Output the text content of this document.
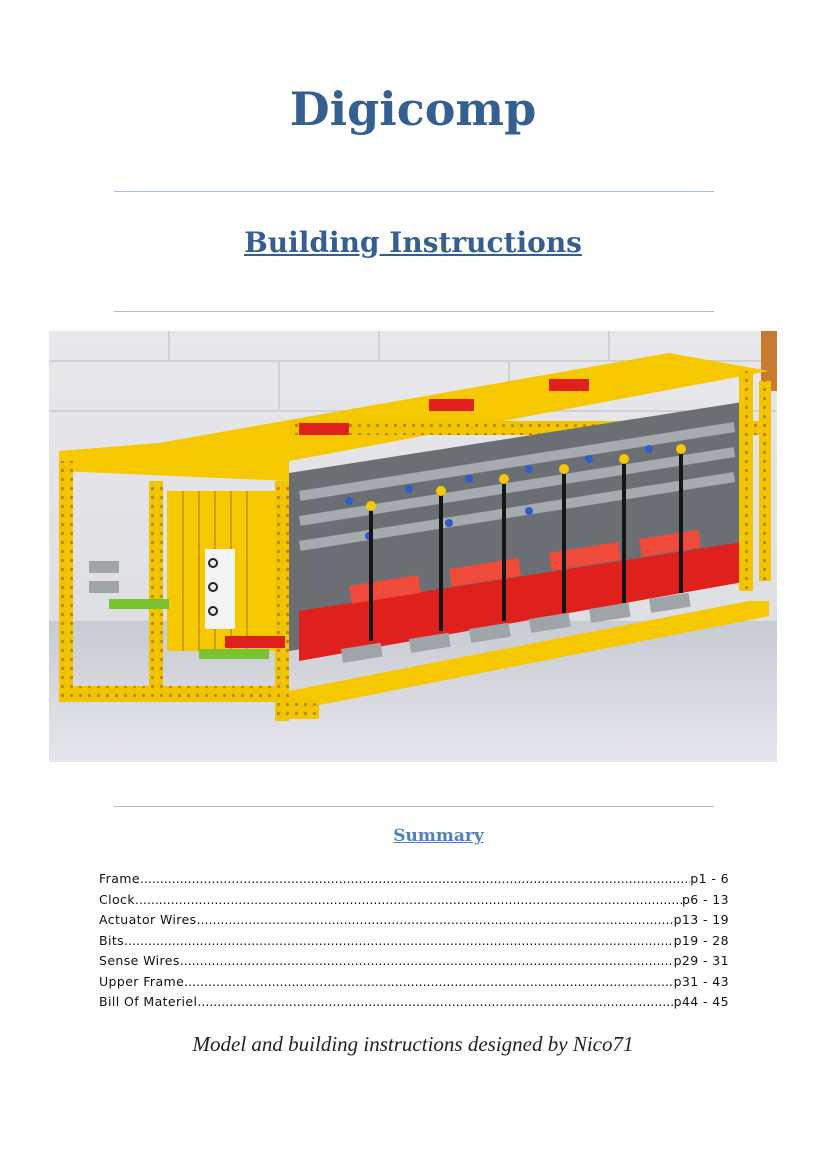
Digicomp
Building Instructions
Summary
Frame .....	p1 - 6
Clock .....	p6 - 13
Actuator Wires .....	p13 - 19
Bits .....	p19 - 28
Sense Wires .....	p29 - 31
Upper Frame .....	p31 - 43
Bill Of Materiel .....	p44 - 45
Model and building instructions designed by Nico71
